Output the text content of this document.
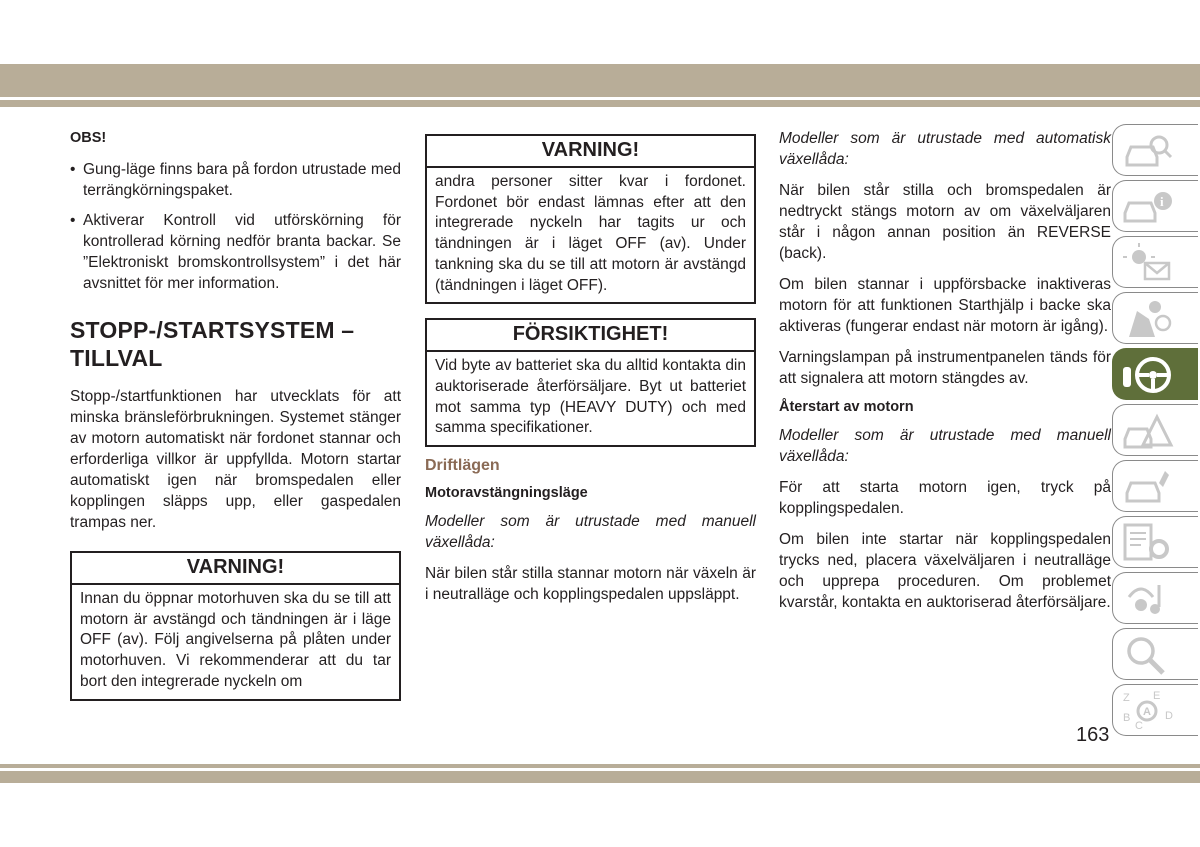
OBS!

• Gung-läge finns bara på fordon utrustade med terrängkörningspaket.

• Aktiverar Kontroll vid utförskörning för kontrollerad körning nedför branta backar. Se ”Elektroniskt bromskontrollsystem” i det här avsnittet för mer information.

STOPP-/STARTSYSTEM – TILLVAL

Stopp-/startfunktionen har utvecklats för att minska bränsleförbrukningen. Systemet stänger av motorn automatiskt när fordonet stannar och erforderliga villkor är uppfyllda. Motorn startar automatiskt igen när bromspedalen eller kopplingen släpps upp, eller gaspedalen trampas ner.

VARNING!

Innan du öppnar motorhuven ska du se till att motorn är avstängd och tändningen är i läge OFF (av). Följ angivelserna på plåten under motorhuven. Vi rekommenderar att du tar bort den integrerade nyckeln om

VARNING!

andra personer sitter kvar i fordonet. Fordonet bör endast lämnas efter att den integrerade nyckeln har tagits ur och tändningen är i läget OFF (av). Under tankning ska du se till att motorn är avstängd (tändningen i läget OFF).

FÖRSIKTIGHET!

Vid byte av batteriet ska du alltid kontakta din auktoriserade återförsäljare. Byt ut batteriet mot samma typ (HEAVY DUTY) och med samma specifikationer.

Driftlägen
Motoravstängningsläge

Modeller som är utrustade med manuell växellåda:

När bilen står stilla stannar motorn när växeln är i neutralläge och kopplingspedalen uppsläppt.

Modeller som är utrustade med automatisk växellåda:

När bilen står stilla och bromspedalen är nedtryckt stängs motorn av om växelväljaren står i någon annan position än REVERSE (back).

Om bilen stannar i uppförsbacke inaktiveras motorn för att funktionen Starthjälp i backe ska aktiveras (fungerar endast när motorn är igång).

Varningslampan på instrumentpanelen tänds för att signalera att motorn stängdes av.

Återstart av motorn

Modeller som är utrustade med manuell växellåda:

För att starta motorn igen, tryck på kopplingspedalen.

Om bilen inte startar när kopplingspedalen trycks ned, placera växelväljaren i neutralläge och upprepa proceduren. Om problemet kvarstår, kontakta en auktoriserad återförsäljare.

i
Z E
B
C
D
A
163
